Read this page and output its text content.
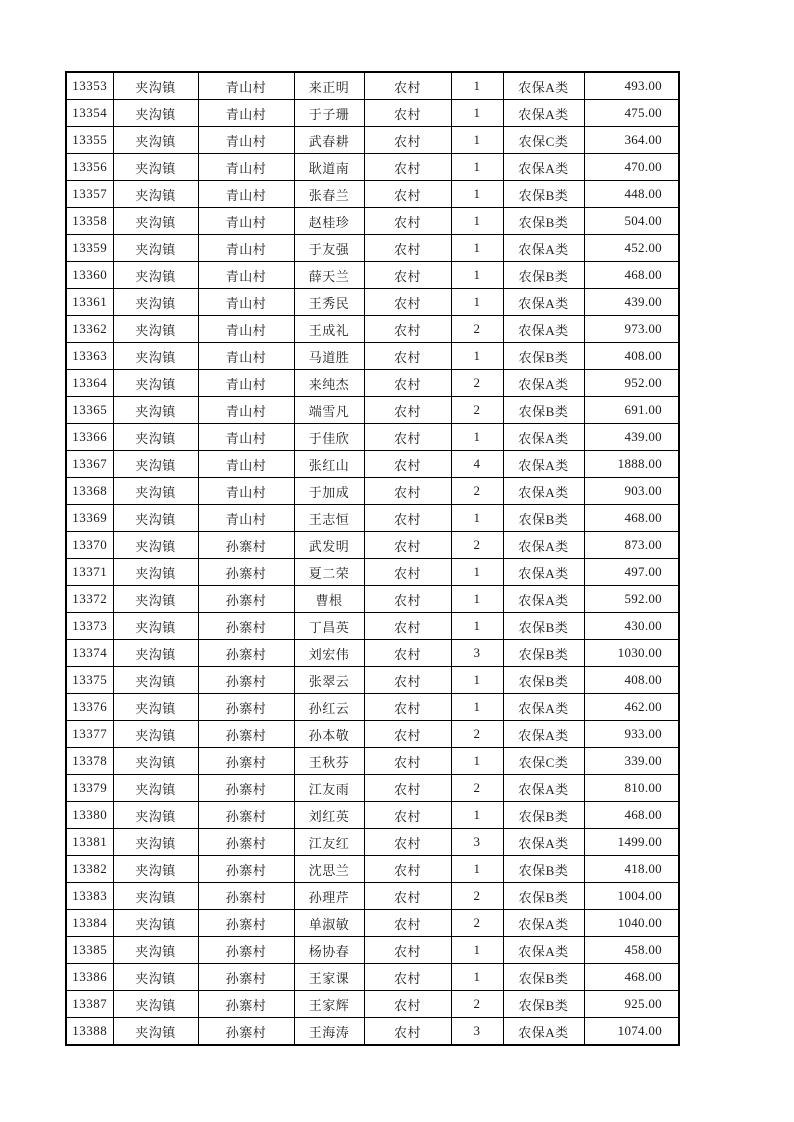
13353	夹沟镇	青山村	来正明	农村	1	农保A类	493.00
13354	夹沟镇	青山村	于子珊	农村	1	农保A类	475.00
13355	夹沟镇	青山村	武春耕	农村	1	农保C类	364.00
13356	夹沟镇	青山村	耿道南	农村	1	农保A类	470.00
13357	夹沟镇	青山村	张春兰	农村	1	农保B类	448.00
13358	夹沟镇	青山村	赵桂珍	农村	1	农保B类	504.00
13359	夹沟镇	青山村	于友强	农村	1	农保A类	452.00
13360	夹沟镇	青山村	薛天兰	农村	1	农保B类	468.00
13361	夹沟镇	青山村	王秀民	农村	1	农保A类	439.00
13362	夹沟镇	青山村	王成礼	农村	2	农保A类	973.00
13363	夹沟镇	青山村	马道胜	农村	1	农保B类	408.00
13364	夹沟镇	青山村	来纯杰	农村	2	农保A类	952.00
13365	夹沟镇	青山村	端雪凡	农村	2	农保B类	691.00
13366	夹沟镇	青山村	于佳欣	农村	1	农保A类	439.00
13367	夹沟镇	青山村	张红山	农村	4	农保A类	1888.00
13368	夹沟镇	青山村	于加成	农村	2	农保A类	903.00
13369	夹沟镇	青山村	王志恒	农村	1	农保B类	468.00
13370	夹沟镇	孙寨村	武发明	农村	2	农保A类	873.00
13371	夹沟镇	孙寨村	夏二荣	农村	1	农保A类	497.00
13372	夹沟镇	孙寨村	曹根	农村	1	农保A类	592.00
13373	夹沟镇	孙寨村	丁昌英	农村	1	农保B类	430.00
13374	夹沟镇	孙寨村	刘宏伟	农村	3	农保B类	1030.00
13375	夹沟镇	孙寨村	张翠云	农村	1	农保B类	408.00
13376	夹沟镇	孙寨村	孙红云	农村	1	农保A类	462.00
13377	夹沟镇	孙寨村	孙本敬	农村	2	农保A类	933.00
13378	夹沟镇	孙寨村	王秋芬	农村	1	农保C类	339.00
13379	夹沟镇	孙寨村	江友雨	农村	2	农保A类	810.00
13380	夹沟镇	孙寨村	刘红英	农村	1	农保B类	468.00
13381	夹沟镇	孙寨村	江友红	农村	3	农保A类	1499.00
13382	夹沟镇	孙寨村	沈思兰	农村	1	农保B类	418.00
13383	夹沟镇	孙寨村	孙理芹	农村	2	农保B类	1004.00
13384	夹沟镇	孙寨村	单淑敏	农村	2	农保A类	1040.00
13385	夹沟镇	孙寨村	杨协春	农村	1	农保A类	458.00
13386	夹沟镇	孙寨村	王家课	农村	1	农保B类	468.00
13387	夹沟镇	孙寨村	王家辉	农村	2	农保B类	925.00
13388	夹沟镇	孙寨村	王海涛	农村	3	农保A类	1074.00
